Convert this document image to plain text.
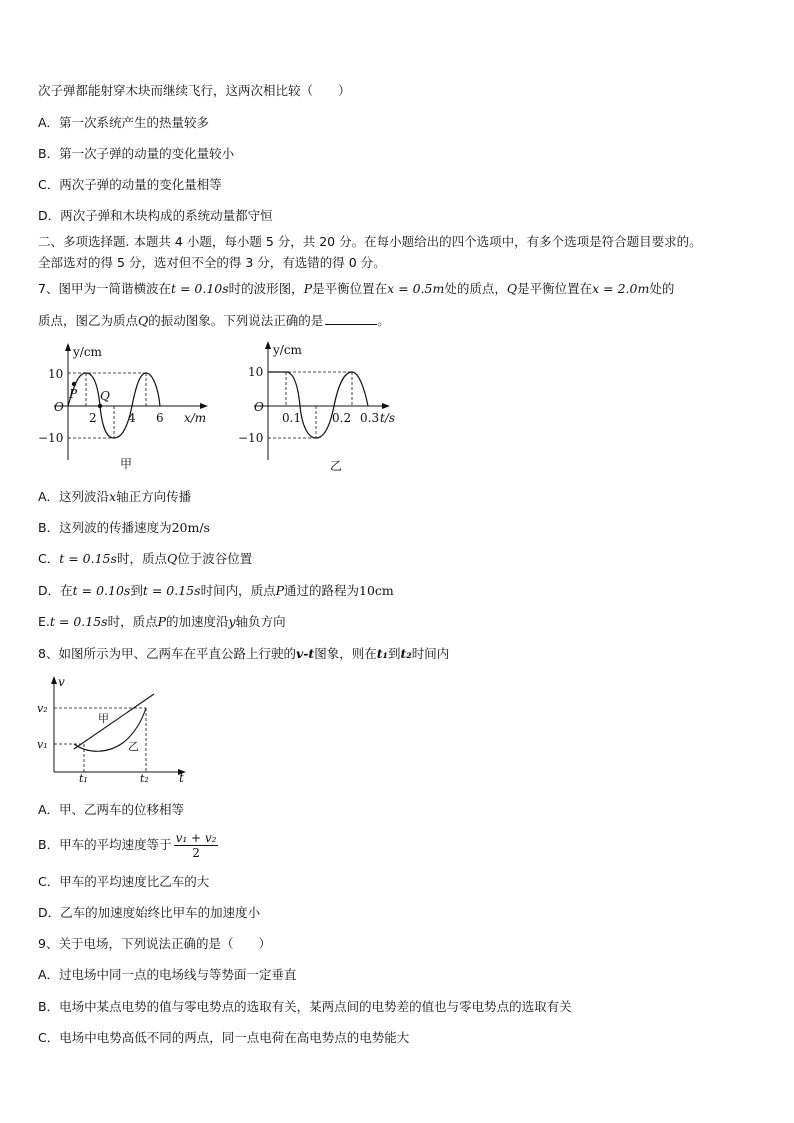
次子弹都能射穿木块而继续飞行，这两次相比较（　　）
A．第一次系统产生的热量较多
B．第一次子弹的动量的变化量较小
C．两次子弹的动量的变化量相等
D．两次子弹和木块构成的系统动量都守恒
二、多项选择题. 本题共 4 小题，每小题 5 分，共 20 分。在每小题给出的四个选项中，有多个选项是符合题目要求的。
全部选对的得 5 分，选对但不全的得 3 分，有选错的得 0 分。
7、图甲为一简谐横波在t = 0.10s时的波形图，P是平衡位置在x = 0.5m处的质点，Q是平衡位置在x = 2.0m处的
质点，图乙为质点Q的振动图象。下列说法正确的是	。
y/cm
x/m
10
O
−10
2	4 6
P Q
甲
y/cm
t/s
10
O
−10
0.1	0.2 0.3
乙
A．这列波沿x轴正方向传播
B．这列波的传播速度为20m/s
C．t = 0.15s时，质点Q位于波谷位置
D．在t = 0.10s到t = 0.15s时间内，质点P通过的路程为10cm
E.t = 0.15s时，质点P的加速度沿y轴负方向
8、如图所示为甲、乙两车在平直公路上行驶的v-t图象，则在t₁到t₂时间内
v
t
v₂
v₁
t₁	t₂
甲
乙
A．甲、乙两车的位移相等
B．甲车的平均速度等于 $\frac{\text{v₁ + v₂}}{2}$
C．甲车的平均速度比乙车的大
D．乙车的加速度始终比甲车的加速度小
9、关于电场，下列说法正确的是（　　）
A．过电场中同一点的电场线与等势面一定垂直
B．电场中某点电势的值与零电势点的选取有关，某两点间的电势差的值也与零电势点的选取有关
C．电场中电势高低不同的两点，同一点电荷在高电势点的电势能大
